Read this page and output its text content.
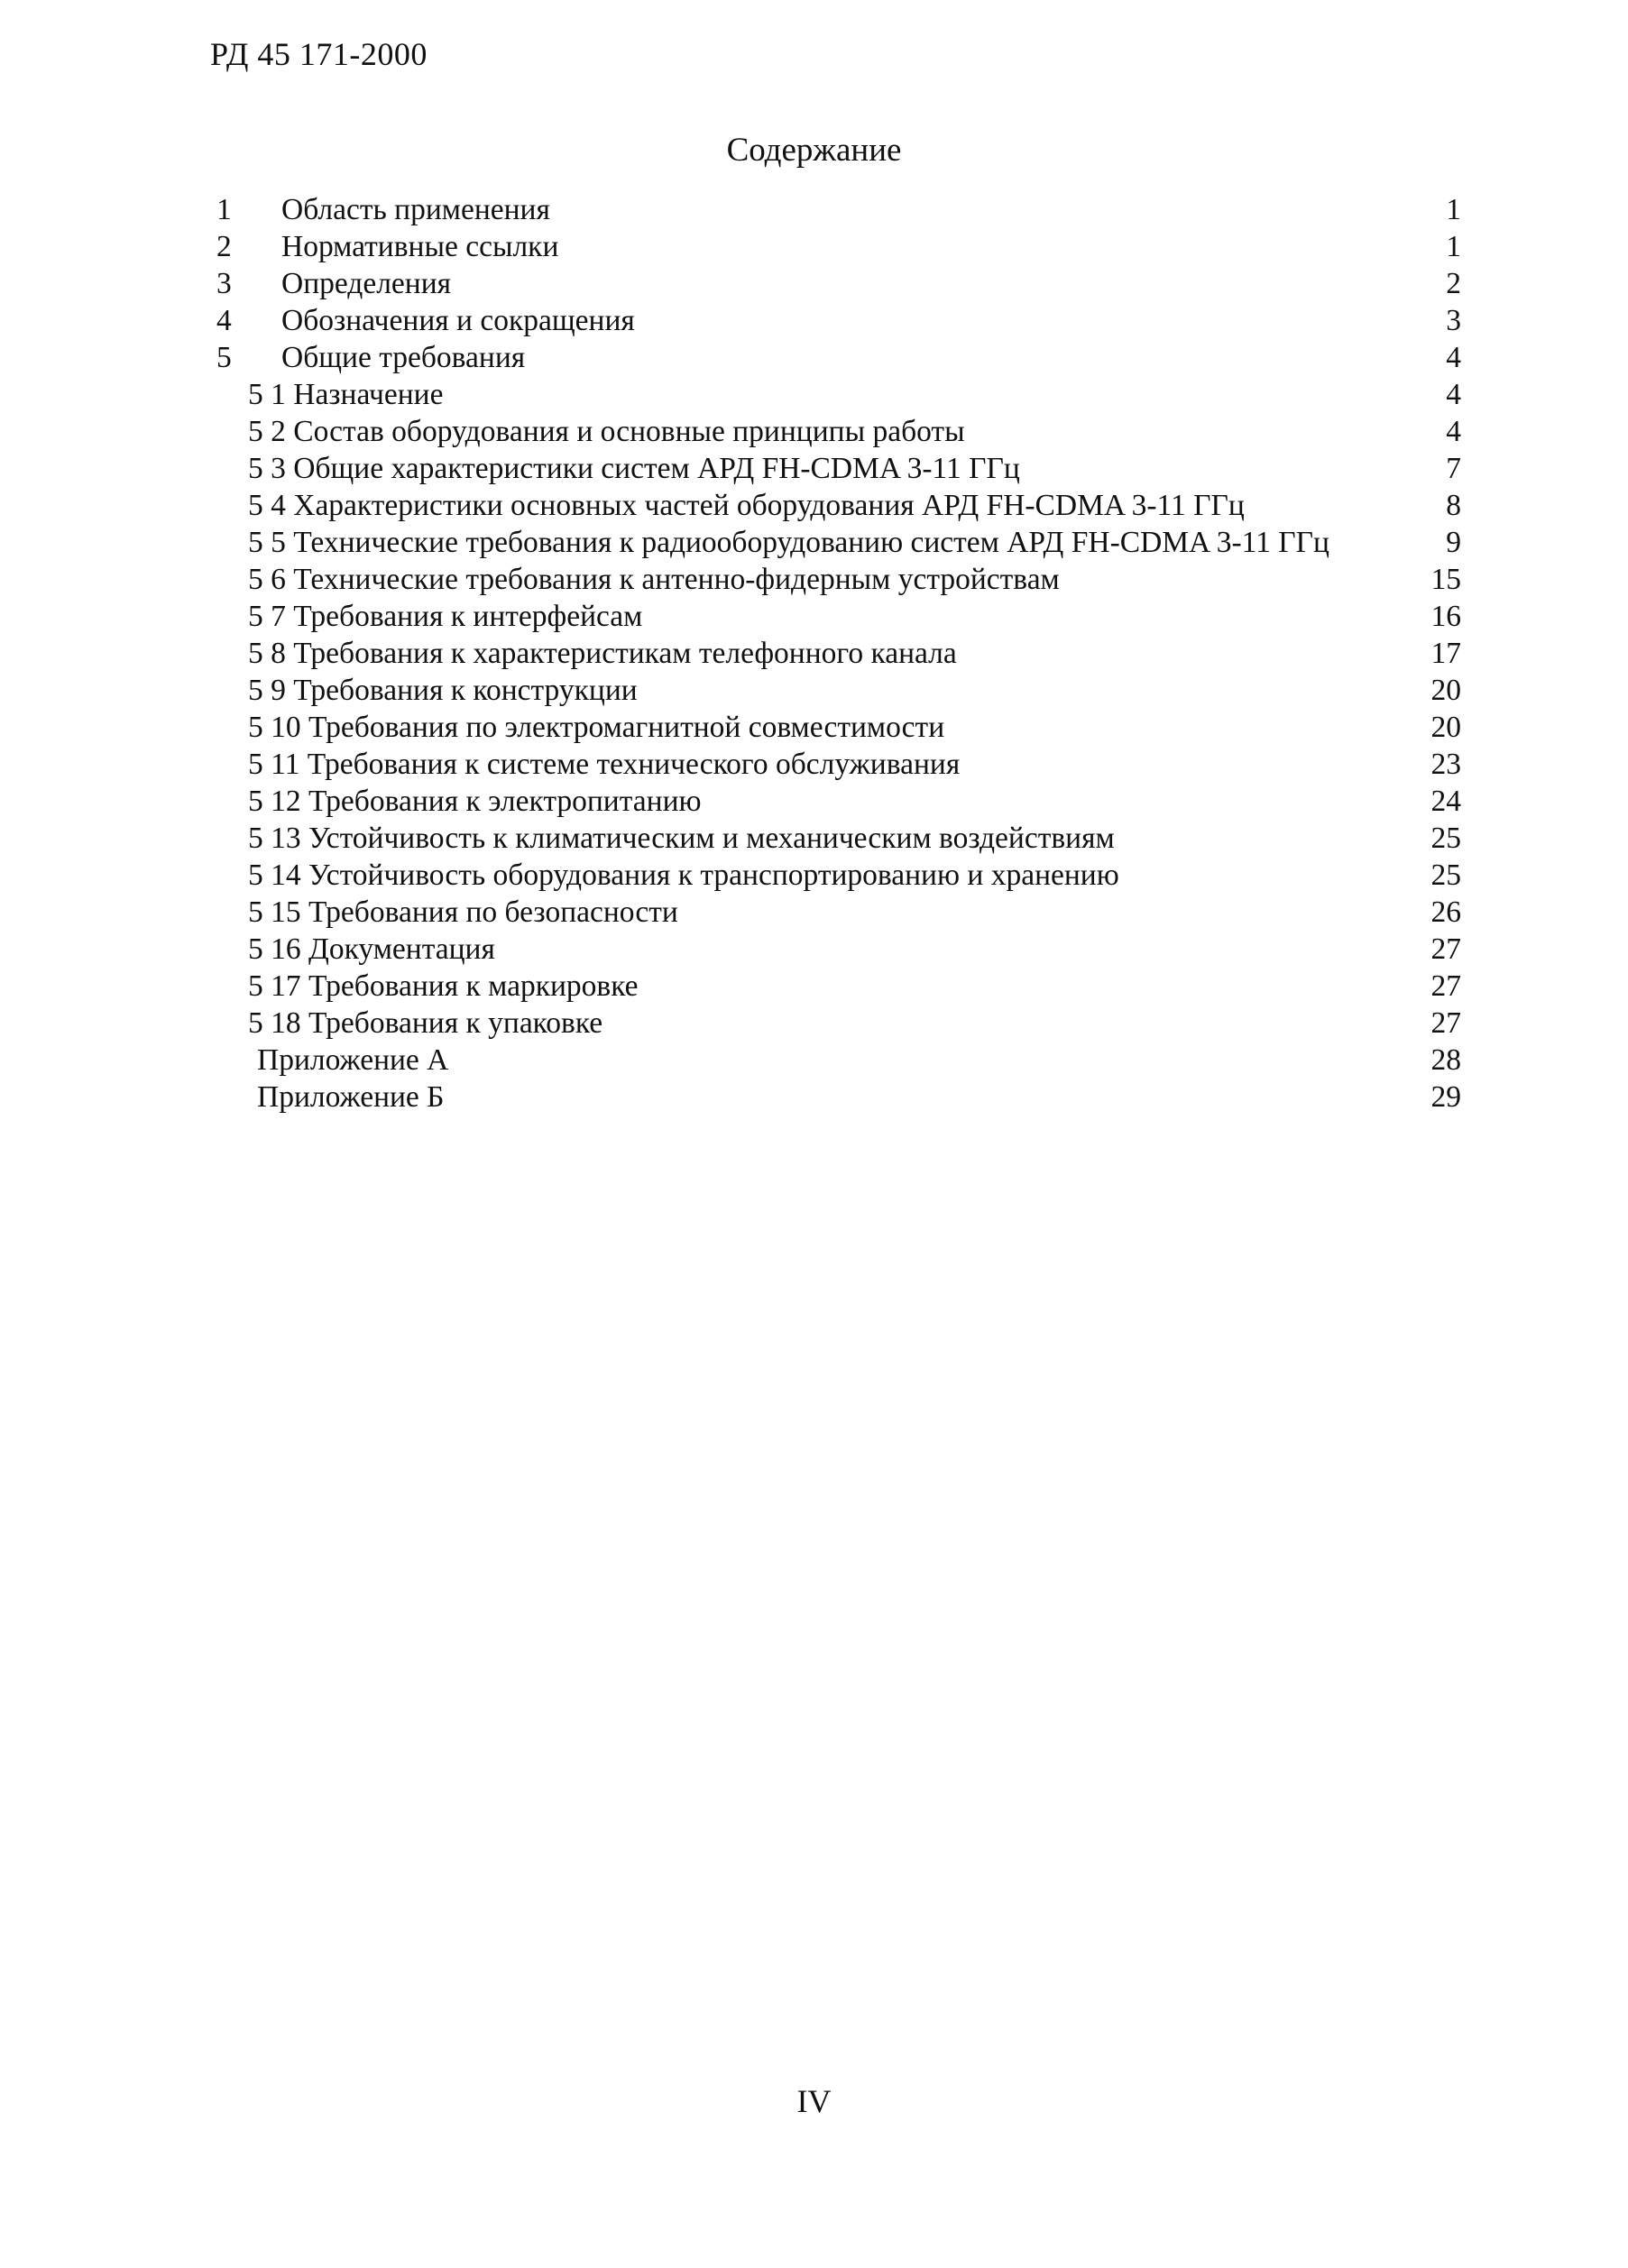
РД 45 171-2000
Содержание
1 Область применения	1
2 Нормативные ссылки	1
3 Определения	2
4 Обозначения и сокращения	3
5 Общие требования	4
5 1 Назначение	4
5 2 Состав оборудования и основные принципы работы	4
5 3 Общие характеристики систем АРД FH-CDMA 3-11 ГГц	7
5 4 Характеристики основных частей оборудования АРД FH-CDMA 3-11 ГГц	8
5 5 Технические требования к радиооборудованию систем АРД FH-CDMA 3-11 ГГц	9
5 6 Технические требования к антенно-фидерным устройствам	15
5 7 Требования к интерфейсам	16
5 8 Требования к характеристикам телефонного канала	17
5 9 Требования к конструкции	20
5 10 Требования по электромагнитной совместимости	20
5 11 Требования к системе технического обслуживания	23
5 12 Требования к электропитанию	24
5 13 Устойчивость к климатическим и механическим воздействиям	25
5 14 Устойчивость оборудования к транспортированию и хранению	25
5 15 Требования по безопасности	26
5 16 Документация	27
5 17 Требования к маркировке	27
5 18 Требования к упаковке	27
Приложение А	28
Приложение Б	29
IV
